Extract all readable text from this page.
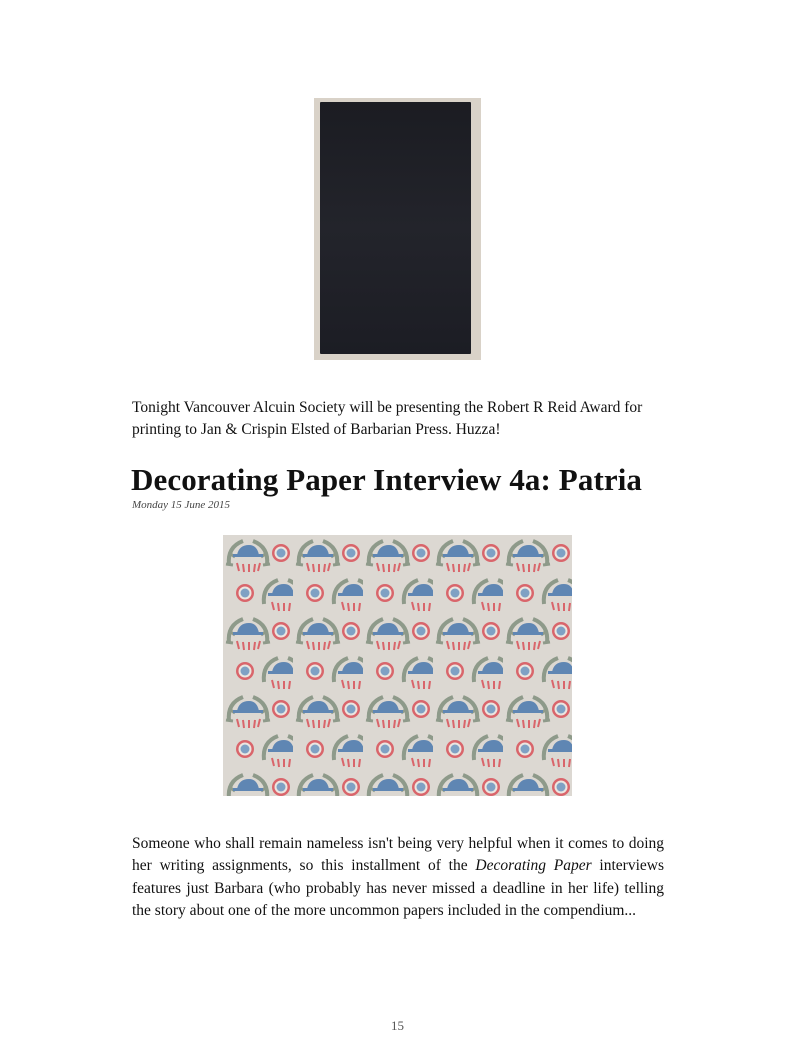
Tonight Vancouver Alcuin Society will be presenting the Robert R Reid Award for printing to Jan & Crispin Elsted of Barbarian Press. Huzza!
Decorating Paper Interview 4a: Patria
Monday 15 June 2015

Someone who shall remain nameless isn't being very helpful when it comes to doing her writing assignments, so this installment of the Decorating Paper interviews features just Barbara (who probably has never missed a deadline in her life) telling the story about one of the more uncommon papers included in the compendium...

15
